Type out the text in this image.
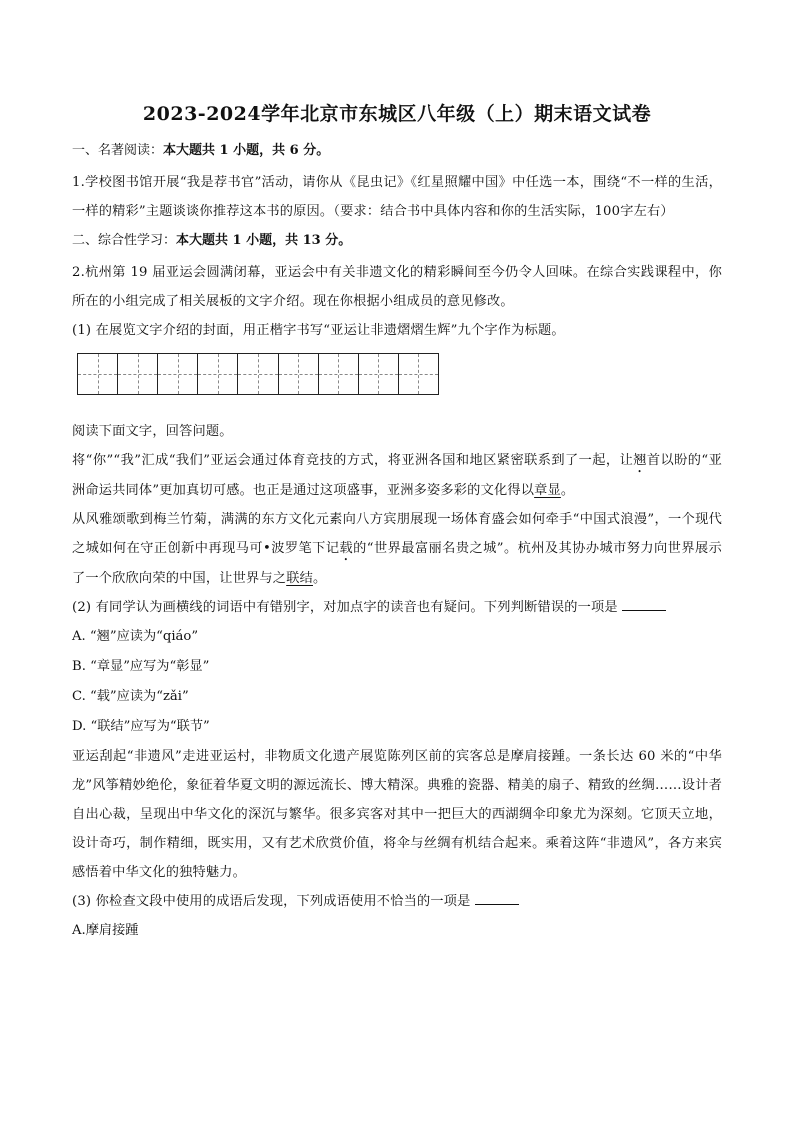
2023-2024学年北京市东城区八年级（上）期末语文试卷
一、名著阅读：本大题共 1 小题，共 6 分。

1.学校图书馆开展“我是荐书官”活动，请你从《昆虫记》《红星照耀中国》中任选一本，围绕“不一样的生活，一样的精彩”主题谈谈你推荐这本书的原因。（要求：结合书中具体内容和你的生活实际，100字左右）

二、综合性学习：本大题共 1 小题，共 13 分。

2.杭州第 19 届亚运会圆满闭幕，亚运会中有关非遗文化的精彩瞬间至今仍令人回味。在综合实践课程中，你所在的小组完成了相关展板的文字介绍。现在你根据小组成员的意见修改。

(1) 在展览文字介绍的封面，用正楷字书写“亚运让非遗熠熠生辉”九个字作为标题。

阅读下面文字，回答问题。

将“你”“我”汇成“我们”亚运会通过体育竞技的方式，将亚洲各国和地区紧密联系到了一起，让翘首以盼的“亚洲命运共同体”更加真切可感。也正是通过这项盛事，亚洲多姿多彩的文化得以章显。

从风雅颂歌到梅兰竹菊，满满的东方文化元素向八方宾朋展现一场体育盛会如何牵手“中国式浪漫”，一个现代之城如何在守正创新中再现马可•波罗笔下记载的“世界最富丽名贵之城”。杭州及其协办城市努力向世界展示了一个欣欣向荣的中国，让世界与之联结。

(2) 有同学认为画横线的词语中有错别字，对加点字的读音也有疑问。下列判断错误的一项是

A. “翘”应读为“qiáo”
B. “章显”应写为“彰显”
C. “载”应读为“zǎi”
D. “联结”应写为“联节”

亚运刮起“非遗风”走进亚运村，非物质文化遗产展览陈列区前的宾客总是摩肩接踵。一条长达 60 米的“中华龙”风筝精妙绝伦，象征着华夏文明的源远流长、博大精深。典雅的瓷器、精美的扇子、精致的丝绸……设计者自出心裁，呈现出中华文化的深沉与繁华。很多宾客对其中一把巨大的西湖绸伞印象尤为深刻。它顶天立地，设计奇巧，制作精细，既实用，又有艺术欣赏价值，将伞与丝绸有机结合起来。乘着这阵“非遗风”，各方来宾感悟着中华文化的独特魅力。

(3) 你检查文段中使用的成语后发现，下列成语使用不恰当的一项是

A.摩肩接踵
